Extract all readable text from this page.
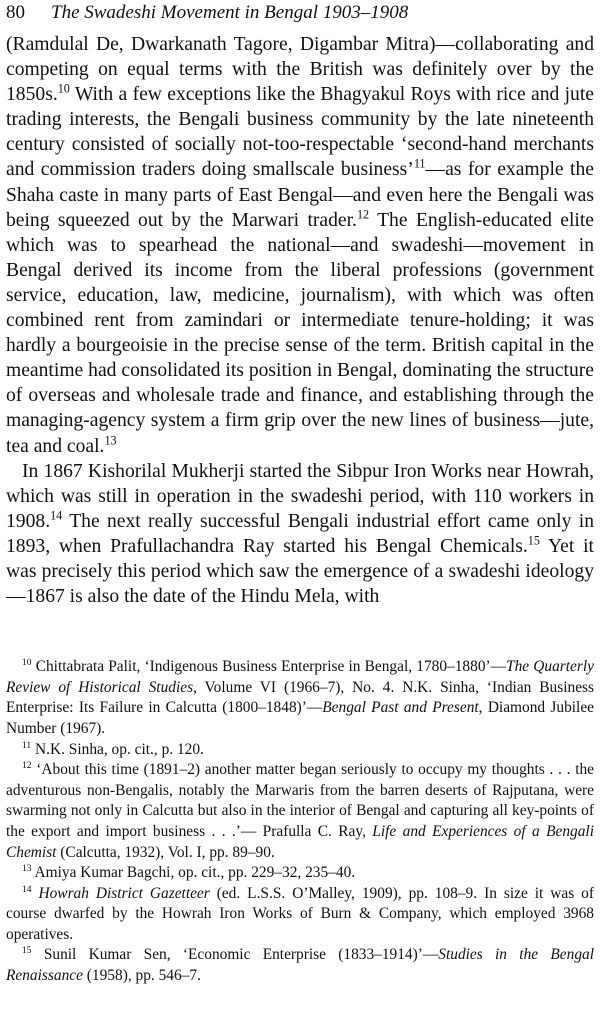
80 The Swadeshi Movement in Bengal 1903–1908

(Ramdulal De, Dwarkanath Tagore, Digambar Mitra)—collaborating and competing on equal terms with the British was definitely over by the 1850s.$^{10}$ With a few exceptions like the Bhagyakul Roys with rice and jute trading interests, the Bengali business community by the late nineteenth century consisted of socially not-too-respectable ‘second-hand merchants and commission traders doing smallscale business’$^{11}$—as for example the Shaha caste in many parts of East Bengal—and even here the Bengali was being squeezed out by the Marwari trader.$^{12}$ The English-educated elite which was to spearhead the national—and swadeshi—movement in Bengal derived its income from the liberal professions (government service, education, law, medicine, journalism), with which was often combined rent from zamindari or intermediate tenure-holding; it was hardly a bourgeoisie in the precise sense of the term. British capital in the meantime had consolidated its position in Bengal, dominating the structure of overseas and wholesale trade and finance, and establishing through the managing-agency system a firm grip over the new lines of business—jute, tea and coal.$^{13}$

In 1867 Kishorilal Mukherji started the Sibpur Iron Works near Howrah, which was still in operation in the swadeshi period, with 110 workers in 1908.14 The next really successful Bengali industrial effort came only in 1893, when Prafullachandra Ray started his Bengal Chemicals.$^{15}$ Yet it was precisely this period which saw the emergence of a swadeshi ideology—1867 is also the date of the Hindu Mela, with

$^{10}$ Chittabrata Palit, ‘Indigenous Business Enterprise in Bengal, 1780–1880’—The Quarterly Review of Historical Studies, Volume VI (1966–7), No. 4. N.K. Sinha, ‘Indian Business Enterprise: Its Failure in Calcutta (1800–1848)’—Bengal Past and Present, Diamond Jubilee Number (1967).

$^{11}$ N.K. Sinha, op. cit., p. 120.

$^{12}$ ‘About this time (1891–2) another matter began seriously to occupy my thoughts . . . the adventurous non-Bengalis, notably the Marwaris from the barren deserts of Rajputana, were swarming not only in Calcutta but also in the interior of Bengal and capturing all key-points of the export and import business . . .’— Prafulla C. Ray, Life and Experiences of a Bengali Chemist (Calcutta, 1932), Vol. I, pp. 89–90.

$^{13}$ Amiya Kumar Bagchi, op. cit., pp. 229–32, 235–40.

$^{14}$ Howrah District Gazetteer (ed. L.S.S. O’Malley, 1909), pp. 108–9. In size it was of course dwarfed by the Howrah Iron Works of Burn & Company, which employed 3968 operatives.

$^{15}$ Sunil Kumar Sen, ‘Economic Enterprise (1833–1914)’—Studies in the Bengal Renaissance (1958), pp. 546–7.
